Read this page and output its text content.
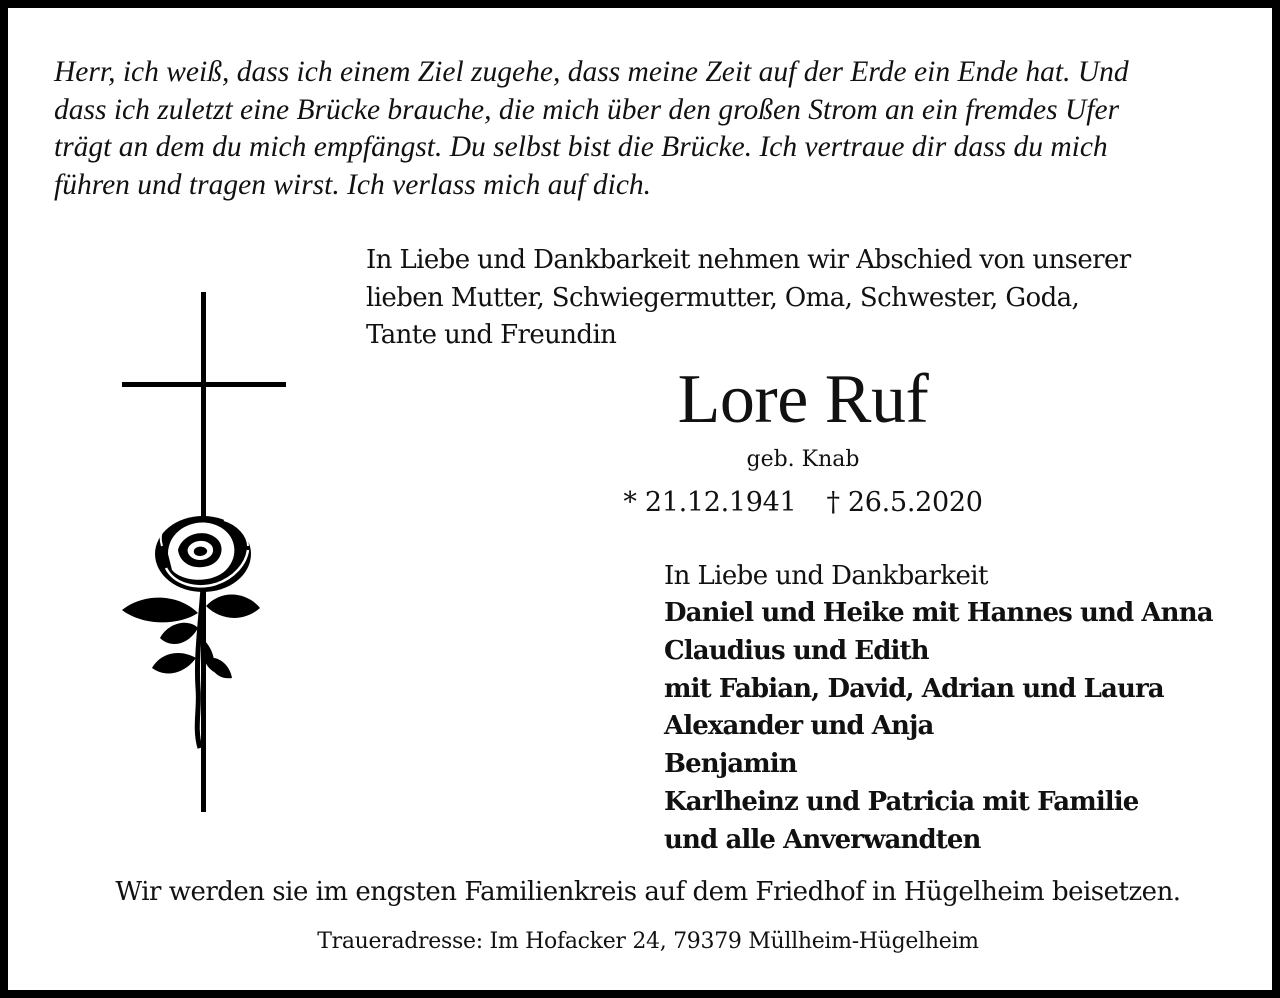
Herr, ich weiß, dass ich einem Ziel zugehe, dass meine Zeit auf der Erde ein Ende hat. Und
dass ich zuletzt eine Brücke brauche, die mich über den großen Strom an ein fremdes Ufer
trägt an dem du mich empfängst. Du selbst bist die Brücke. Ich vertraue dir dass du mich
führen und tragen wirst. Ich verlass mich auf dich.
In Liebe und Dankbarkeit nehmen wir Abschied von unserer
lieben Mutter, Schwiegermutter, Oma, Schwester, Goda,
Tante und Freundin
Lore Ruf
geb. Knab
* 21.12.1941 † 26.5.2020
In Liebe und Dankbarkeit
Daniel und Heike mit Hannes und Anna
Claudius und Edith
mit Fabian, David, Adrian und Laura
Alexander und Anja
Benjamin
Karlheinz und Patricia mit Familie
und alle Anverwandten
Wir werden sie im engsten Familienkreis auf dem Friedhof in Hügelheim beisetzen.
Traueradresse: Im Hofacker 24, 79379 Müllheim-Hügelheim
